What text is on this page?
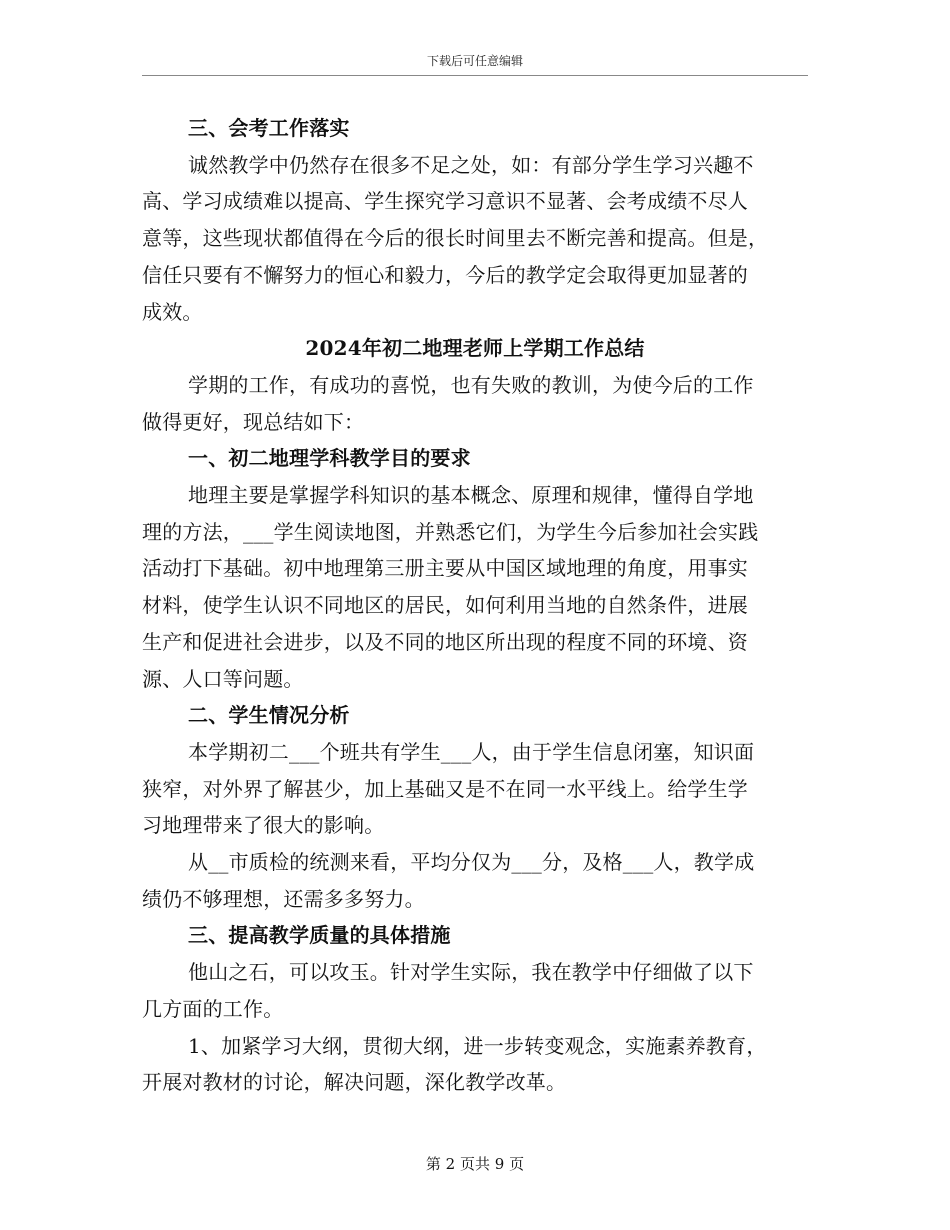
下载后可任意编辑
三、会考工作落实
诚然教学中仍然存在很多不足之处，如：有部分学生学习兴趣不
高、学习成绩难以提高、学生探究学习意识不显著、会考成绩不尽人
意等，这些现状都值得在今后的很长时间里去不断完善和提高。但是，
信任只要有不懈努力的恒心和毅力，今后的教学定会取得更加显著的
成效。
2024年初二地理老师上学期工作总结
学期的工作，有成功的喜悦，也有失败的教训，为使今后的工作
做得更好，现总结如下：
一、初二地理学科教学目的要求
地理主要是掌握学科知识的基本概念、原理和规律，懂得自学地
理的方法，___学生阅读地图，并熟悉它们，为学生今后参加社会实践
活动打下基础。初中地理第三册主要从中国区域地理的角度，用事实
材料，使学生认识不同地区的居民，如何利用当地的自然条件，进展
生产和促进社会进步，以及不同的地区所出现的程度不同的环境、资
源、人口等问题。
二、学生情况分析
本学期初二___个班共有学生___人，由于学生信息闭塞，知识面
狭窄，对外界了解甚少，加上基础又是不在同一水平线上。给学生学
习地理带来了很大的影响。
从__市质检的统测来看，平均分仅为___分，及格___人，教学成
绩仍不够理想，还需多多努力。
三、提高教学质量的具体措施
他山之石，可以攻玉。针对学生实际，我在教学中仔细做了以下
几方面的工作。
1、加紧学习大纲，贯彻大纲，进一步转变观念，实施素养教育，
开展对教材的讨论，解决问题，深化教学改革。
第 2 页共 9 页
